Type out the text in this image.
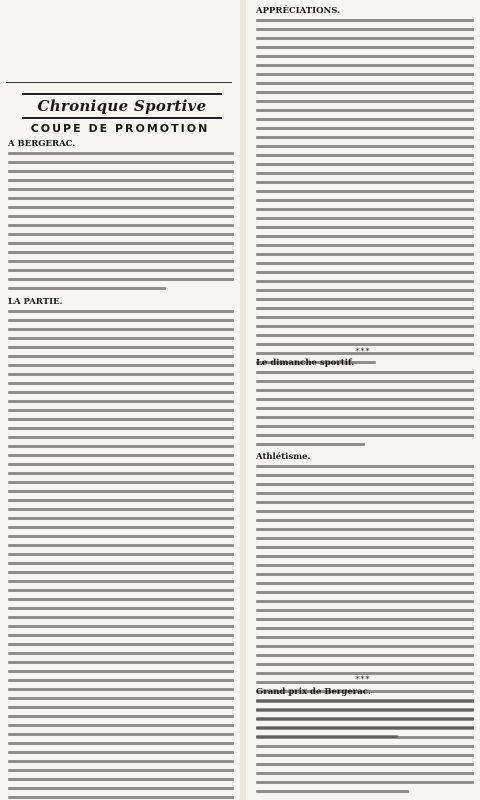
Chronique Sportive
COUPE DE PROMOTION
A BERGERAC.
LA PARTIE.
APPRÉCIATIONS.
***
Le dimanche sportif.
Athlétisme.
***
Grand prix de Bergerac.
